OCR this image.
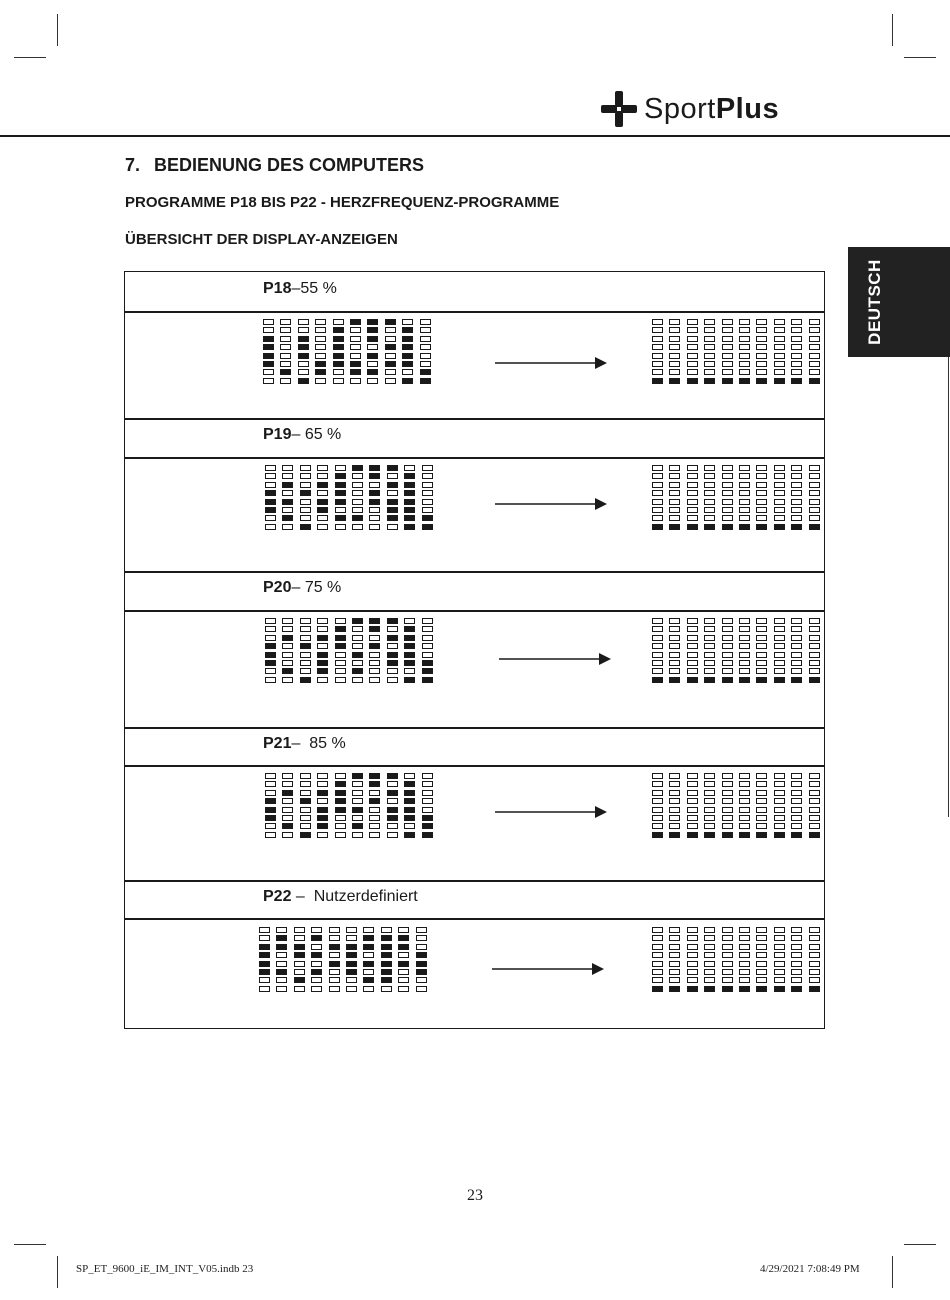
SportPlus
DEUTSCH
7. BEDIENUNG DES COMPUTERS
PROGRAMME P18 BIS P22 - HERZFREQUENZ-PROGRAMME
ÜBERSICHT DER DISPLAY-ANZEIGEN
P18–55 %
P19– 65 %
P20– 75 %
P21–  85 %
P22 –  Nutzerdefiniert
23
SP_ET_9600_iE_IM_INT_V05.indb 23	4/29/2021 7:08:49 PM
